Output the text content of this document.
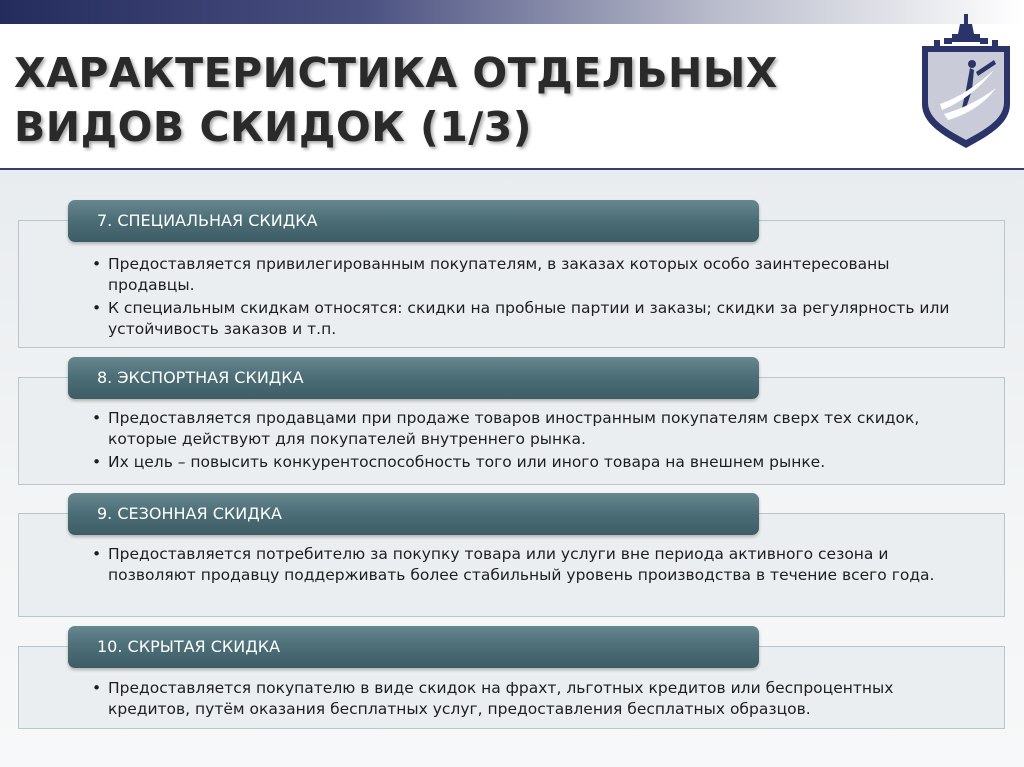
ХАРАКТЕРИСТИКА ОТДЕЛЬНЫХ
ВИДОВ СКИДОК (1/3)
7. СПЕЦИАЛЬНАЯ СКИДКА
• Предоставляется привилегированным покупателям, в заказах которых особо заинтересованы продавцы.
• К специальным скидкам относятся: скидки на пробные партии и заказы; скидки за регулярность или устойчивость заказов и т.п.
8. ЭКСПОРТНАЯ СКИДКА
• Предоставляется продавцами при продаже товаров иностранным покупателям сверх тех скидок, которые действуют для покупателей внутреннего рынка.
• Их цель – повысить конкурентоспособность того или иного товара на внешнем рынке.
9. СЕЗОННАЯ СКИДКА
• Предоставляется потребителю за покупку товара или услуги вне периода активного сезона и позволяют продавцу поддерживать более стабильный уровень производства в течение всего года.
10. СКРЫТАЯ СКИДКА
• Предоставляется покупателю в виде скидок на фрахт, льготных кредитов или беспроцентных кредитов, путём оказания бесплатных услуг, предоставления бесплатных образцов.
